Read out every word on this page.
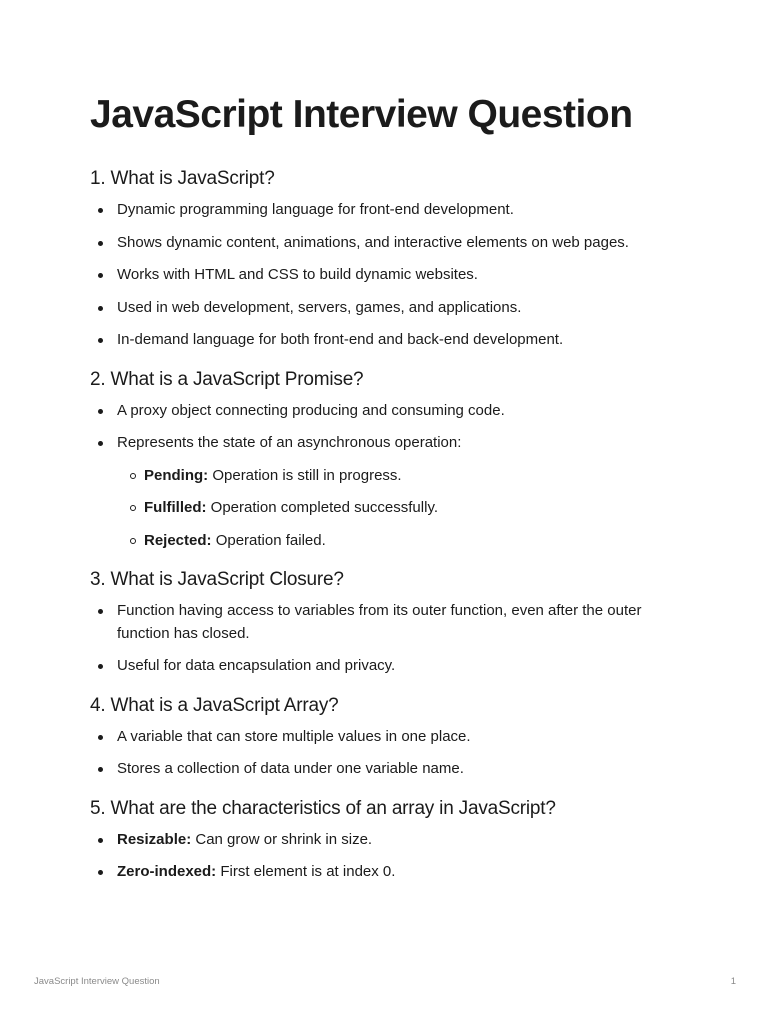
JavaScript Interview Question
1. What is JavaScript?
Dynamic programming language for front-end development.
Shows dynamic content, animations, and interactive elements on web pages.
Works with HTML and CSS to build dynamic websites.
Used in web development, servers, games, and applications.
In-demand language for both front-end and back-end development.
2. What is a JavaScript Promise?
A proxy object connecting producing and consuming code.
Represents the state of an asynchronous operation:
Pending: Operation is still in progress.
Fulfilled: Operation completed successfully.
Rejected: Operation failed.
3. What is JavaScript Closure?
Function having access to variables from its outer function, even after the outer function has closed.
Useful for data encapsulation and privacy.
4. What is a JavaScript Array?
A variable that can store multiple values in one place.
Stores a collection of data under one variable name.
5. What are the characteristics of an array in JavaScript?
Resizable: Can grow or shrink in size.
Zero-indexed: First element is at index 0.
JavaScript Interview Question	1
